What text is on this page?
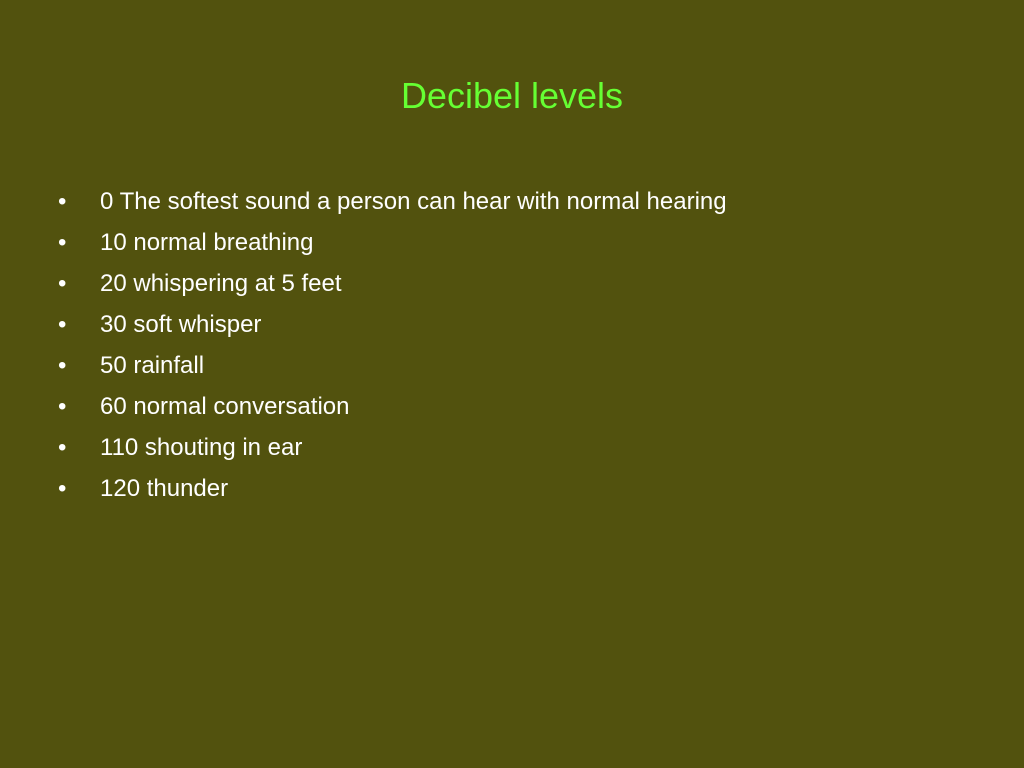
Decibel levels
•	0 The softest sound a person can hear with normal hearing
•	10 normal breathing
•	20 whispering at 5 feet
•	30 soft whisper
•	50 rainfall
•	60 normal conversation
•	110 shouting in ear
•	120 thunder
